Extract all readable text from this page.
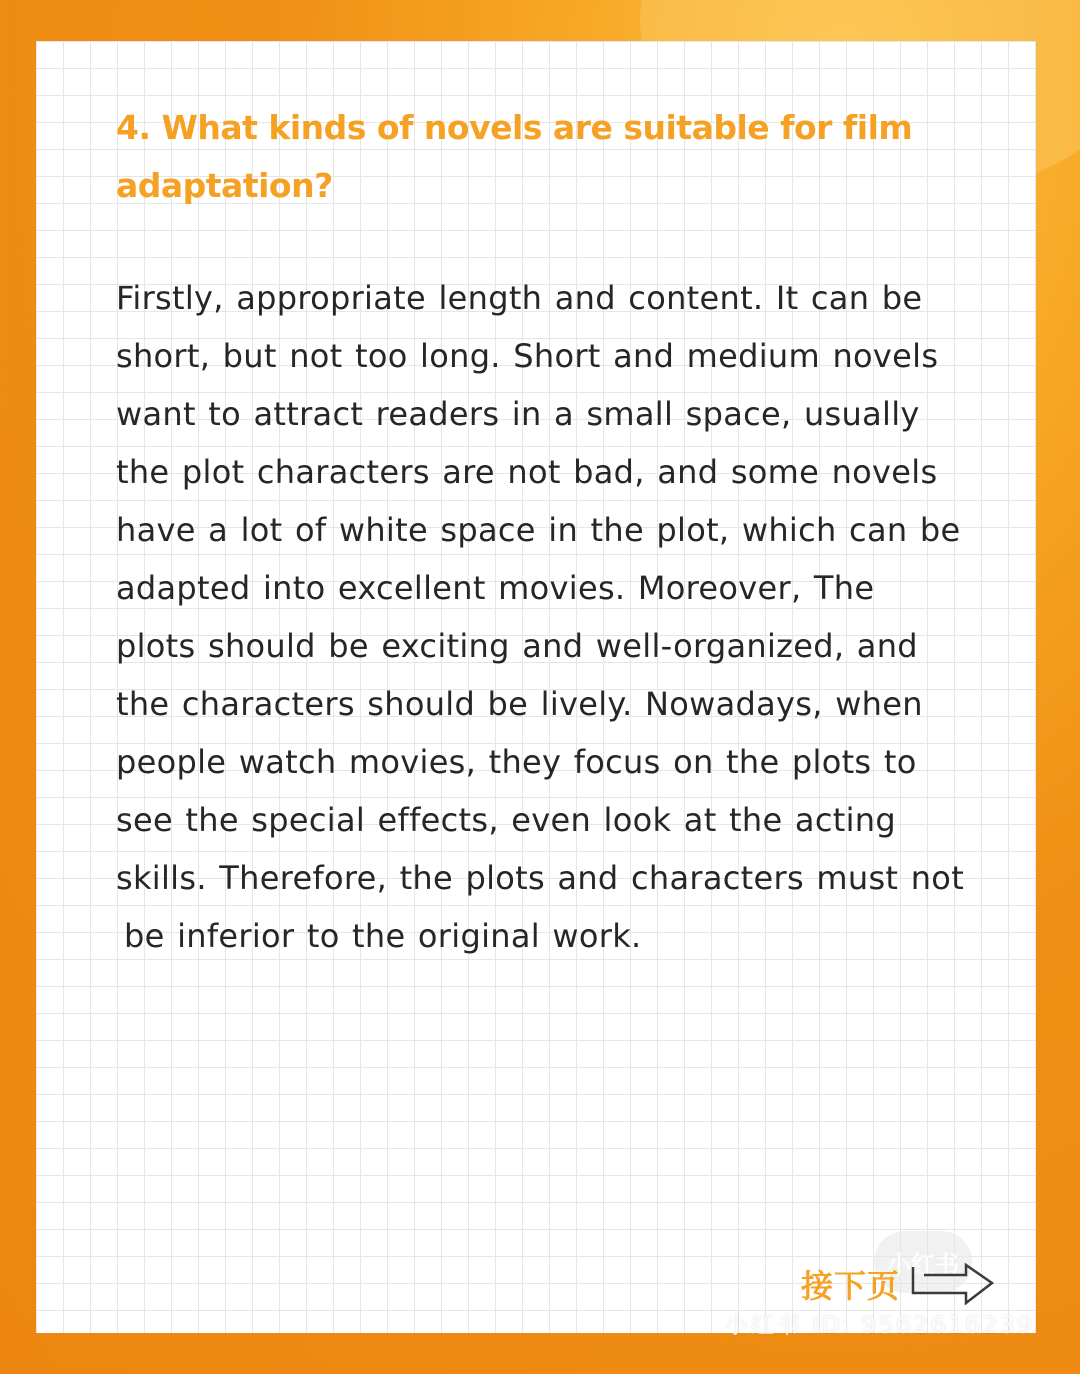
4. What kinds of novels are suitable for film adaptation?

Firstly, appropriate length and content. It can be
short, but not too long. Short and medium novels
want to attract readers in a small space, usually
the plot characters are not bad, and some novels
have a lot of white space in the plot, which can be
adapted into excellent movies. Moreover, The
plots should be exciting and well-organized, and
the characters should be lively. Nowadays, when
people watch movies, they focus on the plots to
see the special effects, even look at the acting
skills. Therefore, the plots and characters must not
be inferior to the original work.

小红书
接下页
小红书 ID: 9562616239
